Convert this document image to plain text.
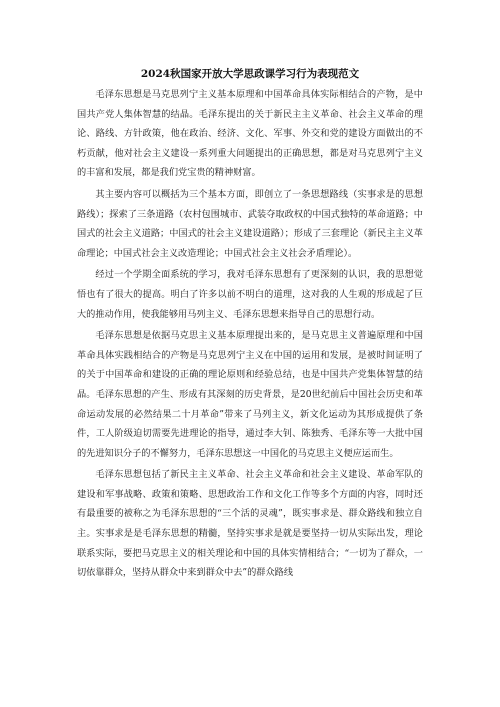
2024秋国家开放大学思政课学习行为表现范文

毛泽东思想是马克思列宁主义基本原理和中国革命具体实际相结合的产物，是中国共产党人集体智慧的结晶。毛泽东提出的关于新民主主义革命、社会主义革命的理论、路线、方针政策，他在政治、经济、文化、军事、外交和党的建设方面做出的不朽贡献，他对社会主义建设一系列重大问题提出的正确思想，都是对马克思列宁主义的丰富和发展，都是我们党宝贵的精神财富。

其主要内容可以概括为三个基本方面，即创立了一条思想路线（实事求是的思想路线）；探索了三条道路（农村包围城市、武装夺取政权的中国式独特的革命道路；中国式的社会主义道路；中国式的社会主义建设道路）；形成了三套理论（新民主主义革命理论；中国式社会主义改造理论；中国式社会主义社会矛盾理论）。

经过一个学期全面系统的学习，我对毛泽东思想有了更深刻的认识，我的思想觉悟也有了很大的提高。明白了许多以前不明白的道理，这对我的人生观的形成起了巨大的推动作用，使我能够用马列主义、毛泽东思想来指导自己的思想行动。

毛泽东思想是依据马克思主义基本原理提出来的，是马克思主义普遍原理和中国革命具体实践相结合的产物是马克思列宁主义在中国的运用和发展，是被时间证明了的关于中国革命和建设的正确的理论原则和经验总结，也是中国共产党集体智慧的结晶。毛泽东思想的产生、形成有其深刻的历史背景，是20世纪前后中国社会历史和革命运动发展的必然结果二十月革命”带来了马列主义，新文化运动为其形成提供了条件，工人阶级迫切需要先进理论的指导，通过李大钊、陈独秀、毛泽东等一大批中国的先进知识分子的不懈努力，毛泽东思想这一中国化的马克思主义便应运而生。

毛泽东思想包括了新民主主义革命、社会主义革命和社会主义建设、革命军队的建设和军事战略、政策和策略、思想政治工作和文化工作等多个方面的内容，同时还有最重要的被称之为毛泽东思想的“三个活的灵魂”，既实事求是、群众路线和独立自主。实事求是是毛泽东思想的精髓，坚持实事求是就是要坚持一切从实际出发，理论联系实际，要把马克思主义的相关理论和中国的具体实情相结合；“一切为了群众，一切依靠群众，坚持从群众中来到群众中去”的群众路线
